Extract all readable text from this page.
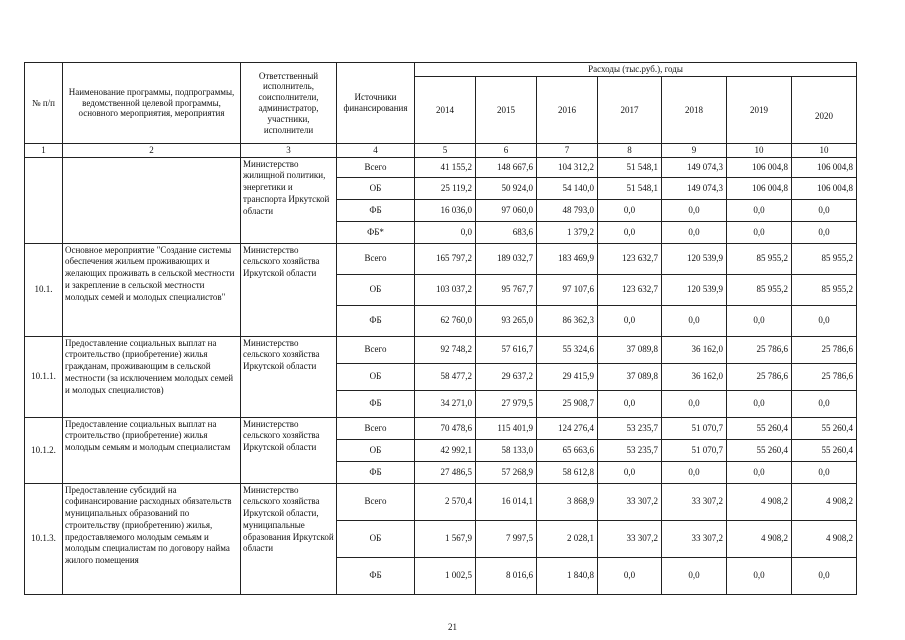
№ п/п	Наименование программы, подпрограммы, ведомственной целевой программы, основного мероприятия, мероприятия	Ответственный исполнитель, соисполнители, администратор, участники, исполнители	Источники финансирования	Расходы (тыс.руб.), годы						
				2014	2015	2016	2017	2018	2019	2020
1	2	3	4	5	6	7	8	9	10	10
		Министерство жилищной политики, энергетики и транспорта Иркутской области	Всего	41 155,2	148 667,6	104 312,2	51 548,1	149 074,3	106 004,8	106 004,8
			ОБ	25 119,2	50 924,0	54 140,0	51 548,1	149 074,3	106 004,8	106 004,8
			ФБ	16 036,0	97 060,0	48 793,0	0,0	0,0	0,0	0,0
			ФБ*	0,0	683,6	1 379,2	0,0	0,0	0,0	0,0
10.1.	Основное мероприятие "Создание системы обеспечения жильем проживающих и желающих проживать в сельской местности и закрепление в сельской местности молодых семей и молодых специалистов"	Министерство сельского хозяйства Иркутской области	Всего	165 797,2	189 032,7	183 469,9	123 632,7	120 539,9	85 955,2	85 955,2
			ОБ	103 037,2	95 767,7	97 107,6	123 632,7	120 539,9	85 955,2	85 955,2
			ФБ	62 760,0	93 265,0	86 362,3	0,0	0,0	0,0	0,0
10.1.1.	Предоставление социальных выплат на строительство (приобретение) жилья гражданам, проживающим в сельской местности (за исключением молодых семей и молодых специалистов)	Министерство сельского хозяйства Иркутской области	Всего	92 748,2	57 616,7	55 324,6	37 089,8	36 162,0	25 786,6	25 786,6
			ОБ	58 477,2	29 637,2	29 415,9	37 089,8	36 162,0	25 786,6	25 786,6
			ФБ	34 271,0	27 979,5	25 908,7	0,0	0,0	0,0	0,0
10.1.2.	Предоставление социальных выплат на строительство (приобретение) жилья молодым семьям и молодым специалистам	Министерство сельского хозяйства Иркутской области	Всего	70 478,6	115 401,9	124 276,4	53 235,7	51 070,7	55 260,4	55 260,4
			ОБ	42 992,1	58 133,0	65 663,6	53 235,7	51 070,7	55 260,4	55 260,4
			ФБ	27 486,5	57 268,9	58 612,8	0,0	0,0	0,0	0,0
10.1.3.	Предоставление субсидий на софинансирование расходных обязательств муниципальных образований по строительству (приобретению) жилья, предоставляемого молодым семьям и молодым специалистам по договору найма жилого помещения	Министерство сельского хозяйства Иркутской области, муниципальные образования Иркутской области	Всего	2 570,4	16 014,1	3 868,9	33 307,2	33 307,2	4 908,2	4 908,2
			ОБ	1 567,9	7 997,5	2 028,1	33 307,2	33 307,2	4 908,2	4 908,2
			ФБ	1 002,5	8 016,6	1 840,8	0,0	0,0	0,0	0,0
21
